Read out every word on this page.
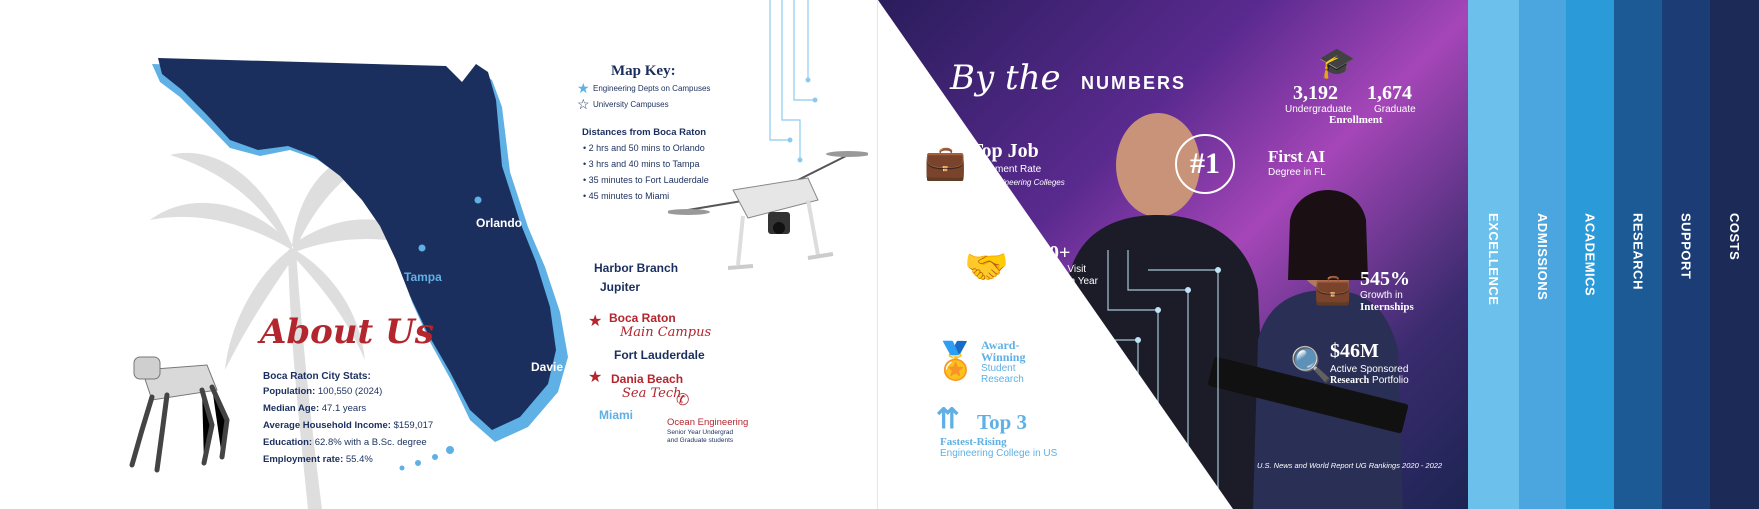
Orlando
Tampa	★ Harbor Branch
★ Jupiter
★ Boca Raton
Main Campus
Fort Lauderdale
Davie ★
★ Dania Beach
Sea Tech
Miami
✆
Ocean Engineering
Senior Year Undergrad
and Graduate students
Map Key:
★ Engineering Depts on Campuses
☆ University Campuses
Distances from Boca Raton
• 2 hrs and 50 mins to Orlando
• 3 hrs and 40 mins to Tampa
• 35 minutes to Fort Lauderdale
• 45 minutes to Miami
About Us
Boca Raton City Stats:
Population: 100,550 (2024)
Median Age: 47.1 years
Average Household Income: $159,017
Education: 62.8% with a B.Sc. degree
Employment rate: 55.4%
By the NUMBERS
🎓
3,192 1,674
Undergraduate Graduate
Enrollment
💼 Top Job
Placement Rate
SUS Engineering Colleges
#1	First AI
Degree in FL
🤝 1,000+
Companies Visit
Campus Each Year	💼 545%
Growth in
Internships
🔍
$46M
Active Sponsored
Research Portfolio
🏅 Award-
Winning
Student
Research
⇈ Top 3
Fastest-Rising
Engineering College in US
U.S. News and World Report UG Rankings 2020 - 2022
EXCELLENCE	ADMISSIONS	ACADEMICS	RESEARCH	SUPPORT	COSTS
